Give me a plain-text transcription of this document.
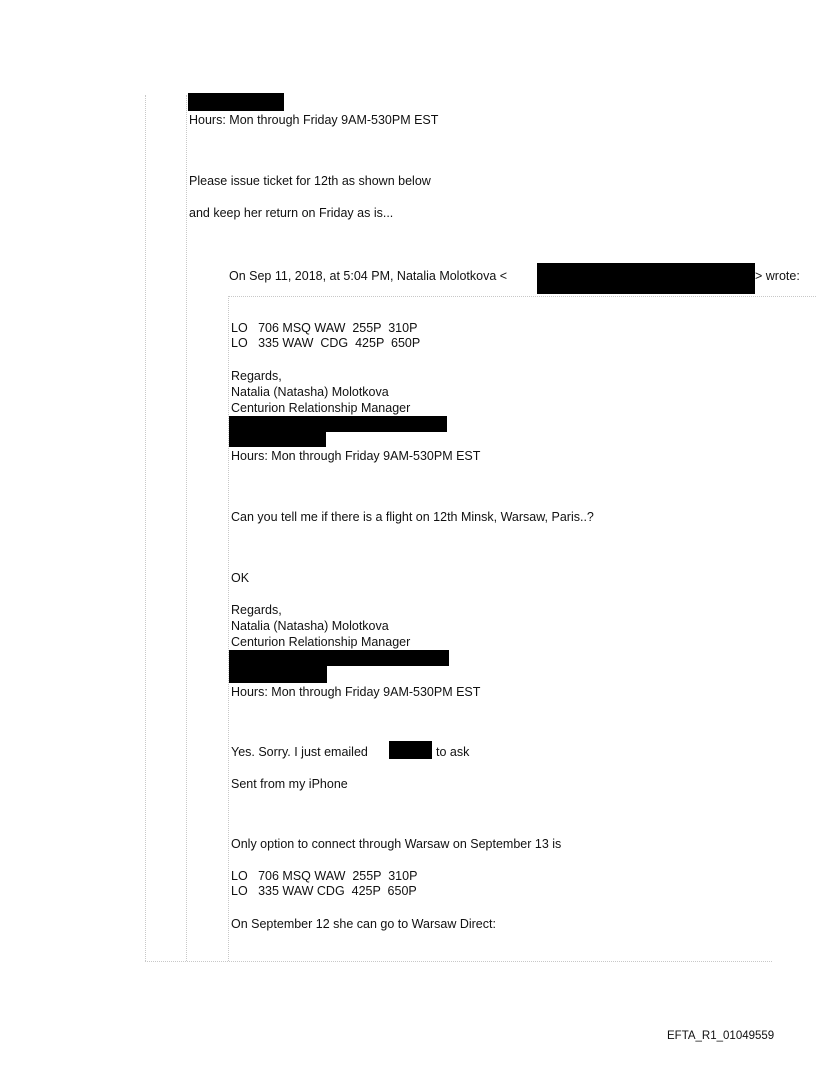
Hours: Mon through Friday 9AM-530PM EST
Please issue ticket for 12th as shown below
and keep her return on Friday as is...
On Sep 11, 2018, at 5:04 PM, Natalia Molotkova <	> wrote:
LO   706 MSQ WAW  255P  310P
LO   335 WAW  CDG  425P  650P
Regards,
Natalia (Natasha) Molotkova
Centurion Relationship Manager
Hours: Mon through Friday 9AM-530PM EST
Can you tell me if there is a flight on 12th Minsk, Warsaw, Paris..?
OK
Regards,
Natalia (Natasha) Molotkova
Centurion Relationship Manager
Hours: Mon through Friday 9AM-530PM EST
Yes. Sorry. I just emailed	to ask
Sent from my iPhone
Only option to connect through Warsaw on September 13 is
LO   706 MSQ WAW  255P  310P
LO   335 WAW CDG  425P  650P
On September 12 she can go to Warsaw Direct:
EFTA_R1_01049559
